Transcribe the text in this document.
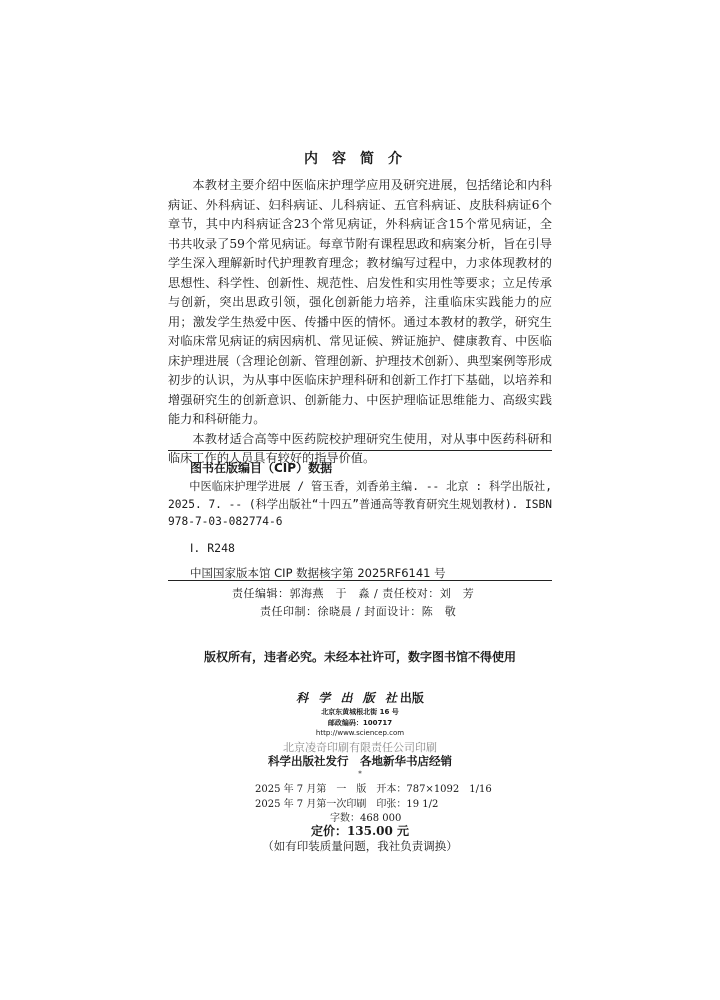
内容简介

本教材主要介绍中医临床护理学应用及研究进展，包括绪论和内科病证、外科病证、妇科病证、儿科病证、五官科病证、皮肤科病证6个章节，其中内科病证含23个常见病证，外科病证含15个常见病证，全书共收录了59个常见病证。每章节附有课程思政和病案分析，旨在引导学生深入理解新时代护理教育理念；教材编写过程中，力求体现教材的思想性、科学性、创新性、规范性、启发性和实用性等要求；立足传承与创新，突出思政引领，强化创新能力培养，注重临床实践能力的应用；激发学生热爱中医、传播中医的情怀。通过本教材的教学，研究生对临床常见病证的病因病机、常见证候、辨证施护、健康教育、中医临床护理进展（含理论创新、管理创新、护理技术创新）、典型案例等形成初步的认识，为从事中医临床护理科研和创新工作打下基础，以培养和增强研究生的创新意识、创新能力、中医护理临证思维能力、高级实践能力和科研能力。

本教材适合高等中医药院校护理研究生使用，对从事中医药科研和临床工作的人员具有较好的指导价值。

图书在版编目（CIP）数据
中医临床护理学进展 / 管玉香，刘香弟主编. -- 北京 : 科学出版社, 2025. 7. -- (科学出版社“十四五”普通高等教育研究生规划教材). ISBN 978-7-03-082774-6
Ⅰ. R248
中国国家版本馆 CIP 数据核字第 2025RF6141 号
责任编辑：郭海燕　于　淼 / 责任校对：刘　芳
责任印制：徐晓晨 / 封面设计：陈　敬
版权所有，违者必究。未经本社许可，数字图书馆不得使用
科 学 出 版 社出版
北京东黄城根北街 16 号
邮政编码：100717
http://www.sciencep.com
北京凌奇印刷有限责任公司印刷
科学出版社发行　各地新华书店经销
*
2025 年 7 月第　一　版　开本：787×1092　1/16
2025 年 7 月第一次印刷　印张：19 1/2
字数：468 000
定价：135.00 元
（如有印装质量问题，我社负责调换）
